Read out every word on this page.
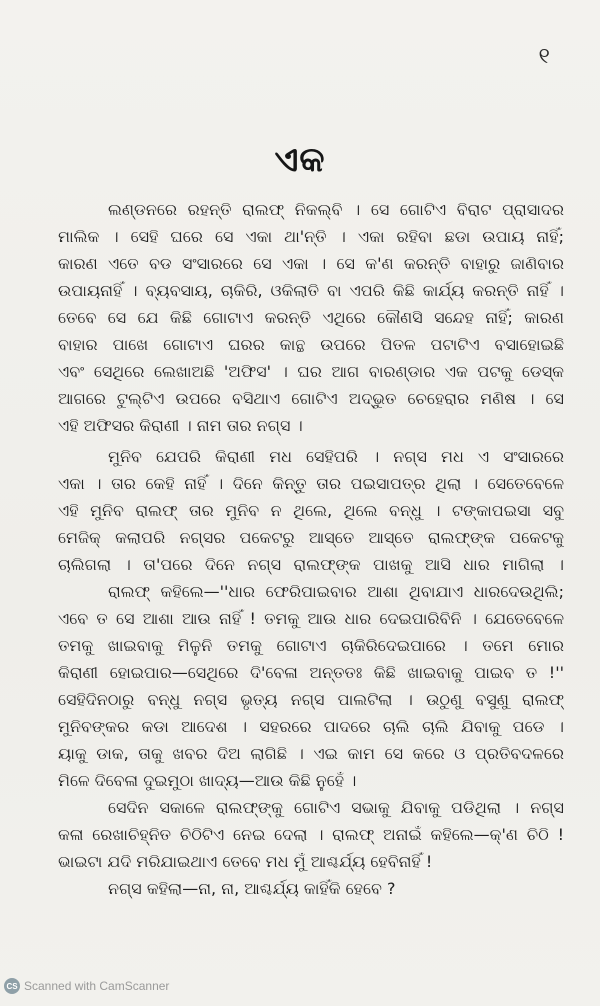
୧
ଏକ
ଲଣ୍ଡନରେ ରହନ୍ତି ରାଲଫ୍ ନିକଲ୍‌ବି । ସେ ଗୋଟିଏ ବିରାଟ ପ୍ରାସାଦର
ମାଲିକ । ସେହି ଘରେ ସେ ଏକା ଥା'ନ୍ତି । ଏକା ରହିବା ଛଡା ଉପାୟ ନାହିଁ;
କାରଣ ଏତେ ବଡ ସଂସାରରେ ସେ ଏକା । ସେ କ'ଣ କରନ୍ତି ବାହାରୁ ଜାଣିବାର
ଉପାୟନାହିଁ । ବ୍ୟବସାୟ, ଚାକିରି, ଓକିଲାତି ବା ଏପରି କିଛି କାର୍ଯ୍ୟ କରନ୍ତି ନାହିଁ ।
ତେବେ ସେ ଯେ କିଛି ଗୋଟାଏ କରନ୍ତି ଏଥିରେ କୌଣସି ସନ୍ଦେହ ନାହିଁ; କାରଣ
ବାହାର ପାଖେ ଗୋଟାଏ ଘରର କାନ୍ଥ ଉପରେ ପିତଳ ପଟାଟିଏ ବସାହୋଇଛି
ଏବଂ ସେଥିରେ ଲେଖାଅଛି 'ଅଫିସ' । ଘର ଆଗ ବାରଣ୍ଡାର ଏକ ପଟକୁ ଡେସ୍କ
ଆଗରେ ଟୁଲ୍‌ଟିଏ ଉପରେ ବସିଥାଏ ଗୋଟିଏ ଅଦ୍ଭୁତ ଚେହେରାର ମଣିଷ । ସେ
ଏହି ଅଫିସର କିରାଣୀ । ନାମ ତାର ନଗ୍‌ସ ।
ମୁନିବ ଯେପରି କିରାଣୀ ମଧ ସେହିପରି । ନଗ୍‌ସ ମଧ ଏ ସଂସାରରେ
ଏକା । ତାର କେହି ନାହିଁ । ଦିନେ କିନ୍ତୁ ତାର ପଇସାପତ୍ର ଥିଲା । ସେତେବେଳେ
ଏହି ମୁନିବ ରାଲଫ୍ ତାର ମୁନିବ ନ ଥିଲେ, ଥିଲେ ବନ୍ଧୁ । ଟଙ୍କାପଇସା ସବୁ
ମେଜିକ୍ କଲାପରି ନଗ୍‌ସର ପକେଟରୁ ଆସ୍ତେ ଆସ୍ତେ ରାଲଫ୍‌ଙ୍କ ପକେଟକୁ
ଚାଲିଗଲା । ତା'ପରେ ଦିନେ ନଗ୍‌ସ ରାଲଫ୍‌ଙ୍କ ପାଖକୁ ଆସି ଧାର ମାଗିଲା ।
ରାଲଫ୍ କହିଲେ—''ଧାର ଫେରିପାଇବାର ଆଶା ଥିବାଯାଏ ଧାରଦେଉଥିଲି;
ଏବେ ତ ସେ ଆଶା ଆଉ ନାହିଁ ! ତମକୁ ଆଉ ଧାର ଦେଇପାରିବିନି । ଯେତେବେଳେ
ତମକୁ ଖାଇବାକୁ ମିଳୁନି ତମକୁ ଗୋଟାଏ ଚାକିରିଦେଇପାରେ । ତମେ ମୋର
କିରାଣୀ ହୋଇପାର—ସେଥିରେ ଦି'ବେଳା ଅନ୍ତତଃ କିଛି ଖାଇବାକୁ ପାଇବ ତ !''
ସେହିଦିନଠାରୁ ବନ୍ଧୁ ନଗ୍‌ସ ଭୃତ୍ୟ ନଗ୍‌ସ ପାଲଟିଲା । ଉଠୁଣୁ ବସୁଣୁ ରାଲଫ୍
ମୁନିବଙ୍କର କଡା ଆଦେଶ । ସହରରେ ପାଦରେ ଚାଲି ଚାଲି ଯିବାକୁ ପଡେ ।
ୟାକୁ ଡାକ, ତାକୁ ଖବର ଦିଅ ଲାଗିଛି । ଏଇ କାମ ସେ କରେ ଓ ପ୍ରତିବଦଳରେ
ମିଳେ ଦିବେଳା ଦୁଇମୁଠା ଖାଦ୍ୟ—ଆଉ କିଛି ନୁହେଁ ।
ସେଦିନ ସକାଳେ ରାଲଫ୍‌ଙ୍କୁ ଗୋଟିଏ ସଭାକୁ ଯିବାକୁ ପଡିଥିଲା । ନଗ୍‌ସ
କଳା ରେଖାଚିହ୍ନିତ ଚିଠିଟିଏ ନେଇ ଦେଲା । ରାଲଫ୍ ଅନାଇଁ କହିଲେ—କ୍'ଣ ଚିଠି !
ଭାଇଟା ଯଦି ମରିଯାଇଥାଏ ତେବେ ମଧ ମୁଁ ଆଶ୍ଚର୍ଯ୍ୟ ହେବିନାହିଁ !
ନଗ୍‌ସ କହିଲା—ନା, ନା, ଆଶ୍ଚର୍ଯ୍ୟ କାହିଁକି ହେବେ ?
CS Scanned with CamScanner
